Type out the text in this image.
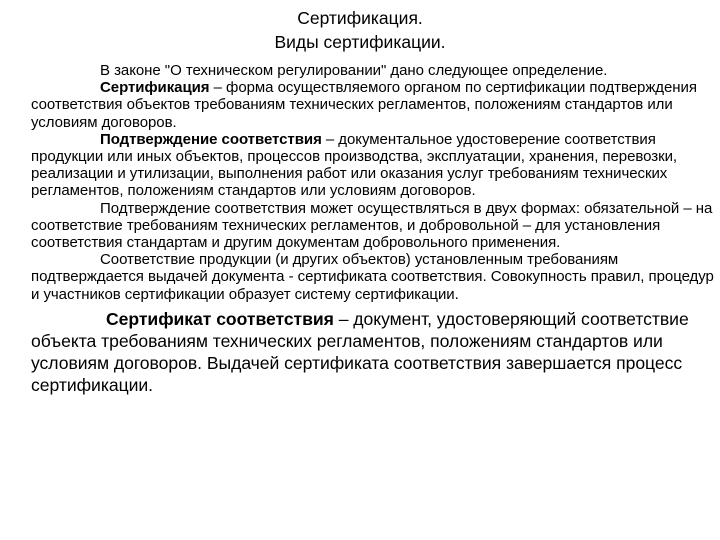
Сертификация.
Виды сертификации.

В законе "О техническом регулировании" дано следующее определение.

Сертификация – форма осуществляемого органом по сертификации подтверждения соответствия объектов требованиям технических регламентов, положениям стандартов или условиям договоров.

Подтверждение соответствия – документальное удостоверение соответствия продукции или иных объектов, процессов производства, эксплуатации, хранения, перевозки, реализации и утилизации, выполнения работ или оказания услуг требованиям технических регламентов, положениям стандартов или условиям договоров.

Подтверждение соответствия может осуществляться в двух формах: обязательной – на соответствие требованиям технических регламентов, и добровольной – для установления соответствия стандартам и другим документам добровольного применения.

Соответствие продукции (и других объектов) установленным требованиям подтверждается выдачей документа - сертификата соответствия. Совокупность правил, процедур и участников сертификации образует систему сертификации.

Сертификат соответствия – документ, удостоверяющий соответствие объекта требованиям технических регламентов, положениям стандартов или условиям договоров. Выдачей сертификата соответствия завершается процесс сертификации.
